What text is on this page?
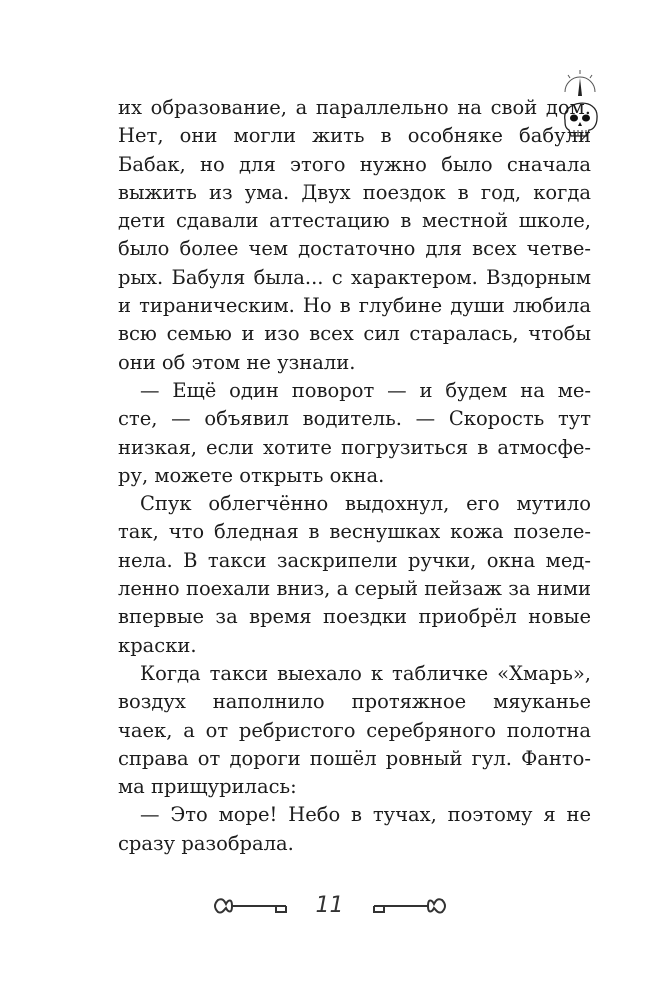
их образование, а параллельно на свой дом.
Нет, они могли жить в особняке бабули
Бабак, но для этого нужно было сначала
выжить из ума. Двух поездок в год, когда
дети сдавали аттестацию в местной школе,
было более чем достаточно для всех четве-
рых. Бабуля была... с характером. Вздорным
и тираническим. Но в глубине души любила
всю семью и изо всех сил старалась, чтобы
они об этом не узнали.
— Ещё один поворот — и будем на ме-
сте, — объявил водитель. — Скорость тут
низкая, если хотите погрузиться в атмосфе-
ру, можете открыть окна.
Спук облегчённо выдохнул, его мутило
так, что бледная в веснушках кожа позеле-
нела. В такси заскрипели ручки, окна мед-
ленно поехали вниз, а серый пейзаж за ними
впервые за время поездки приобрёл новые
краски.
Когда такси выехало к табличке «Хмарь»,
воздух наполнило протяжное мяуканье
чаек, а от ребристого серебряного полотна
справа от дороги пошёл ровный гул. Фанто-
ма прищурилась:
— Это море! Небо в тучах, поэтому я не
сразу разобрала.
11
